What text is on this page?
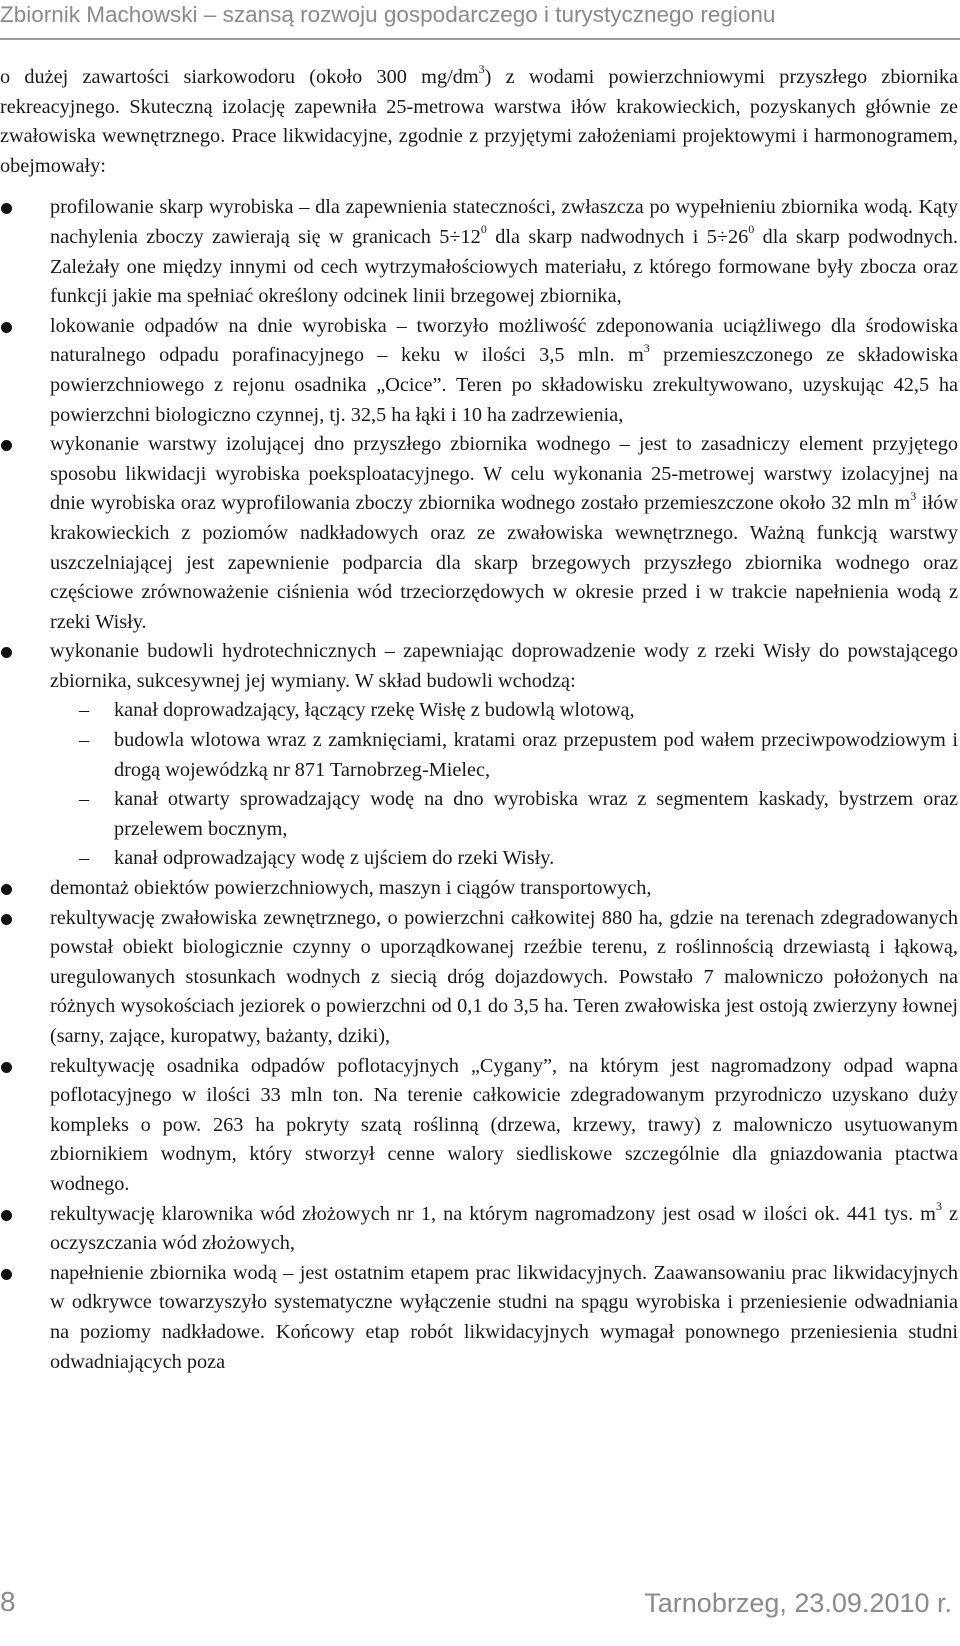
Zbiornik Machowski – szansą rozwoju gospodarczego i turystycznego regionu

o dużej zawartości siarkowodoru (około 300 $mg/dm^3$) z wodami powierzchniowymi przyszłego zbiornika rekreacyjnego. Skuteczną izolację zapewniła 25-metrowa warstwa iłów krakowieckich, pozyskanych głównie ze zwałowiska wewnętrznego. Prace likwidacyjne, zgodnie z przyjętymi założeniami projektowymi i harmonogramem, obejmowały:

profilowanie skarp wyrobiska – dla zapewnienia stateczności, zwłaszcza po wypełnieniu zbiornika wodą. Kąty nachylenia zboczy zawierają się w granicach $5\div 12^0$ dla skarp nadwodnych i $5\div 26^0$ dla skarp podwodnych. Zależały one między innymi od cech wytrzymałościowych materiału, z którego formowane były zbocza oraz funkcji jakie ma spełniać określony odcinek linii brzegowej zbiornika,
lokowanie odpadów na dnie wyrobiska – tworzyło możliwość zdeponowania uciążliwego dla środowiska naturalnego odpadu porafinacyjnego – keku w ilości 3,5 mln. $m^3$ przemieszczonego ze składowiska powierzchniowego z rejonu osadnika „Ocice”. Teren po składowisku zrekultywowano, uzyskując 42,5 ha powierzchni biologiczno czynnej, tj. 32,5 ha łąki i 10 ha zadrzewienia,
wykonanie warstwy izolującej dno przyszłego zbiornika wodnego – jest to zasadniczy element przyjętego sposobu likwidacji wyrobiska poeksploatacyjnego. W celu wykonania 25-metrowej warstwy izolacyjnej na dnie wyrobiska oraz wyprofilowania zboczy zbiornika wodnego zostało przemieszczone około 32 mln $m^3$ iłów krakowieckich z poziomów nadkładowych oraz ze zwałowiska wewnętrznego. Ważną funkcją warstwy uszczelniającej jest zapewnienie podparcia dla skarp brzegowych przyszłego zbiornika wodnego oraz częściowe zrównoważenie ciśnienia wód trzeciorzędowych w okresie przed i w trakcie napełnienia wodą z rzeki Wisły.
wykonanie budowli hydrotechnicznych – zapewniając doprowadzenie wody z rzeki Wisły do powstającego zbiornika, sukcesywnej jej wymiany. W skład budowli wchodzą:
– kanał doprowadzający, łączący rzekę Wisłę z budowlą wlotową,
– budowla wlotowa wraz z zamknięciami, kratami oraz przepustem pod wałem przeciwpowodziowym i drogą wojewódzką nr 871 Tarnobrzeg-Mielec,
– kanał otwarty sprowadzający wodę na dno wyrobiska wraz z segmentem kaskady, bystrzem oraz przelewem bocznym,
– kanał odprowadzający wodę z ujściem do rzeki Wisły.
demontaż obiektów powierzchniowych, maszyn i ciągów transportowych,
rekultywację zwałowiska zewnętrznego, o powierzchni całkowitej 880 ha, gdzie na terenach zdegradowanych powstał obiekt biologicznie czynny o uporządkowanej rzeźbie terenu, z roślinnością drzewiastą i łąkową, uregulowanych stosunkach wodnych z siecią dróg dojazdowych. Powstało 7 malowniczo położonych na różnych wysokościach jeziorek o powierzchni od 0,1 do 3,5 ha. Teren zwałowiska jest ostoją zwierzyny łownej (sarny, zające, kuropatwy, bażanty, dziki),
rekultywację osadnika odpadów poflotacyjnych „Cygany”, na którym jest nagromadzony odpad wapna poflotacyjnego w ilości 33 mln ton. Na terenie całkowicie zdegradowanym przyrodniczo uzyskano duży kompleks o pow. 263 ha pokryty szatą roślinną (drzewa, krzewy, trawy) z malowniczo usytuowanym zbiornikiem wodnym, który stworzył cenne walory siedliskowe szczególnie dla gniazdowania ptactwa wodnego.
rekultywację klarownika wód złożowych nr 1, na którym nagromadzony jest osad w ilości ok. 441 tys. $m^3$ z oczyszczania wód złożowych,
napełnienie zbiornika wodą – jest ostatnim etapem prac likwidacyjnych. Zaawansowaniu prac likwidacyjnych w odkrywce towarzyszyło systematyczne wyłączenie studni na spągu wyrobiska i przeniesienie odwadniania na poziomy nadkładowe. Końcowy etap robót likwidacyjnych wymagał ponownego przeniesienia studni odwadniających poza
8	Tarnobrzeg, 23.09.2010 r.
